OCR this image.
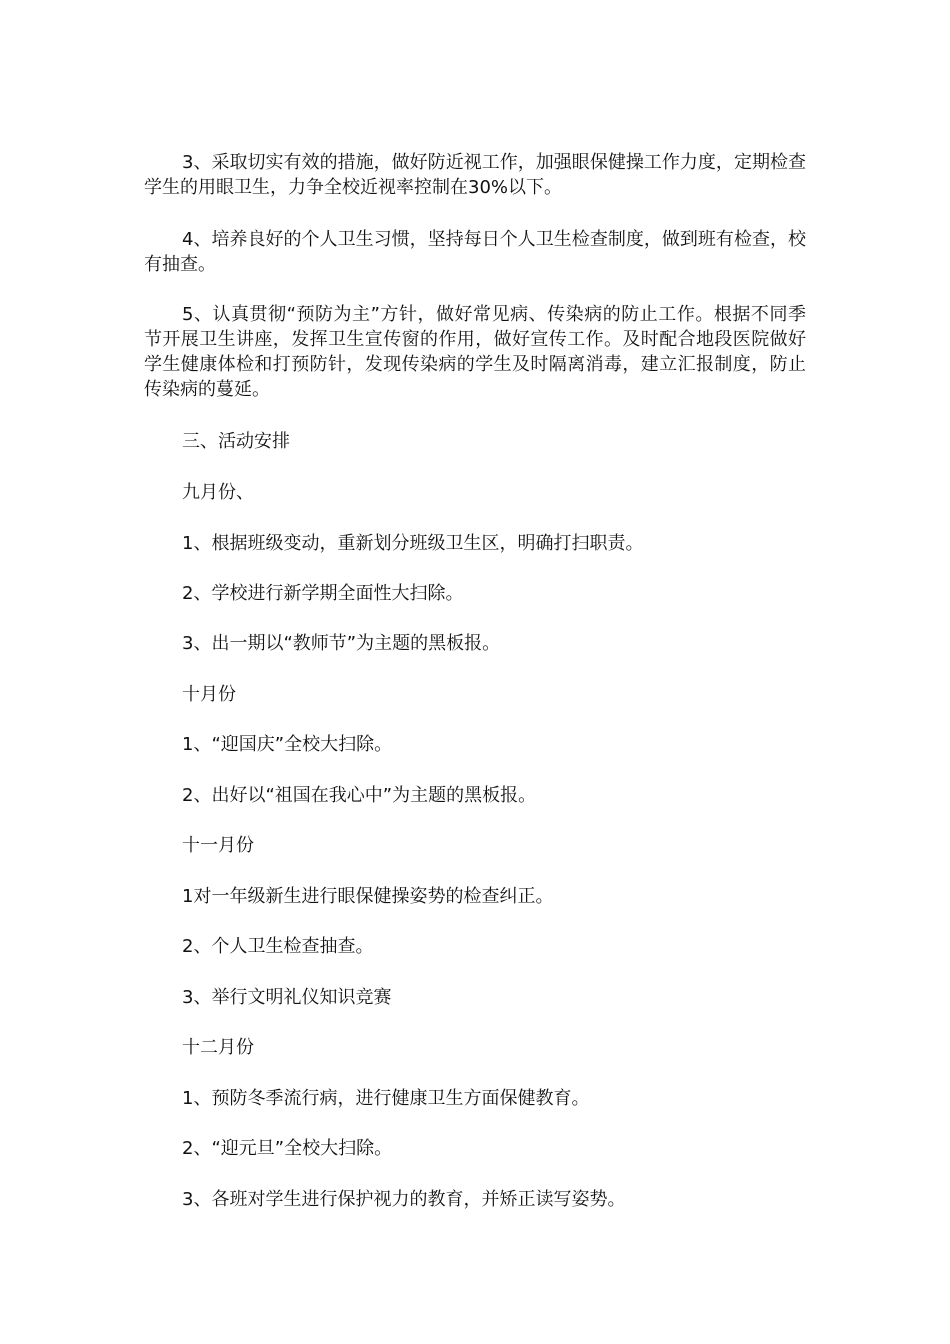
3、采取切实有效的措施，做好防近视工作，加强眼保健操工作力度，定期检查学生的用眼卫生，力争全校近视率控制在30%以下。

4、培养良好的个人卫生习惯，坚持每日个人卫生检查制度，做到班有检查，校有抽查。

5、认真贯彻“预防为主”方针，做好常见病、传染病的防止工作。根据不同季节开展卫生讲座，发挥卫生宣传窗的作用，做好宣传工作。及时配合地段医院做好学生健康体检和打预防针，发现传染病的学生及时隔离消毒，建立汇报制度，防止传染病的蔓延。

三、活动安排

九月份、

1、根据班级变动，重新划分班级卫生区，明确打扫职责。

2、学校进行新学期全面性大扫除。

3、出一期以“教师节”为主题的黑板报。

十月份

1、“迎国庆”全校大扫除。

2、出好以“祖国在我心中”为主题的黑板报。

十一月份

1对一年级新生进行眼保健操姿势的检查纠正。

2、个人卫生检查抽查。

3、举行文明礼仪知识竞赛

十二月份

1、预防冬季流行病，进行健康卫生方面保健教育。

2、“迎元旦”全校大扫除。

3、各班对学生进行保护视力的教育，并矫正读写姿势。
